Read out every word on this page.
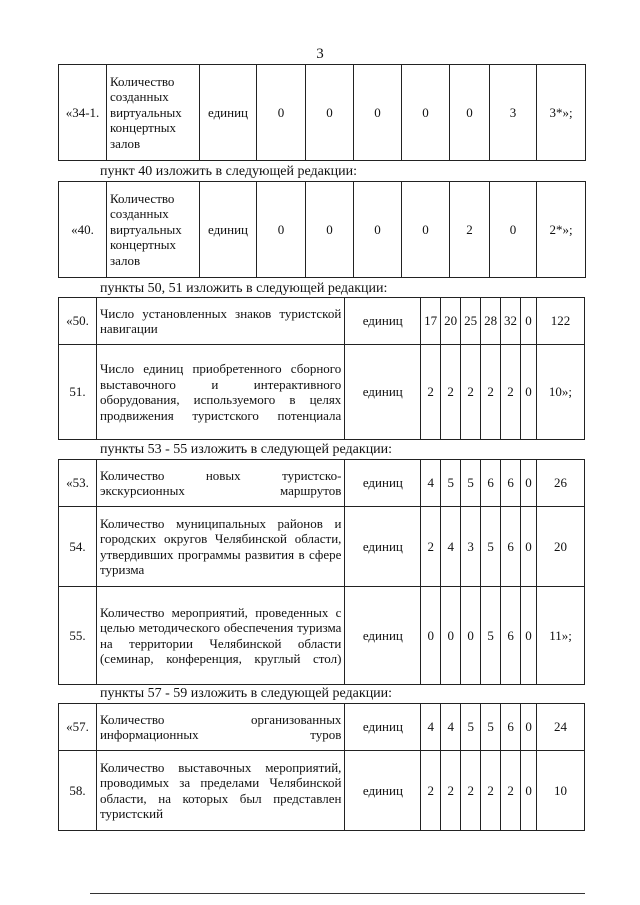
3
«34-1.	Количество созданных виртуальных концертных залов	единиц	0	0	0	0	0	3	3*»;
пункт 40 изложить в следующей редакции:
«40.	Количество созданных виртуальных концертных залов	единиц	0	0	0	0	2	0	2*»;
пункты 50, 51 изложить в следующей редакции:
«50.	Число установленных знаков туристской навигации	единиц	17	20	25	28	32	0	122
51.	Число единиц приобретенного сборного выставочного и интерактивного оборудования, используемого в целях продвижения туристского потенциала	единиц	2	2	2	2	2	0	10»;
пункты 53 - 55 изложить в следующей редакции:
«53.	Количество новых туристско-экскурсионных маршрутов	единиц	4	5	5	6	6	0	26
54.	Количество муниципальных районов и городских округов Челябинской области, утвердивших программы развития в сфере туризма	единиц	2	4	3	5	6	0	20
55.	Количество мероприятий, проведенных с целью методического обеспечения туризма на территории Челябинской области (семинар, конференция, круглый стол)	единиц	0	0	0	5	6	0	11»;
пункты 57 - 59 изложить в следующей редакции:
«57.	Количество организованных информационных туров	единиц	4	4	5	5	6	0	24
58.	Количество выставочных мероприятий, проводимых за пределами Челябинской области, на которых был представлен туристский	единиц	2	2	2	2	2	0	10
